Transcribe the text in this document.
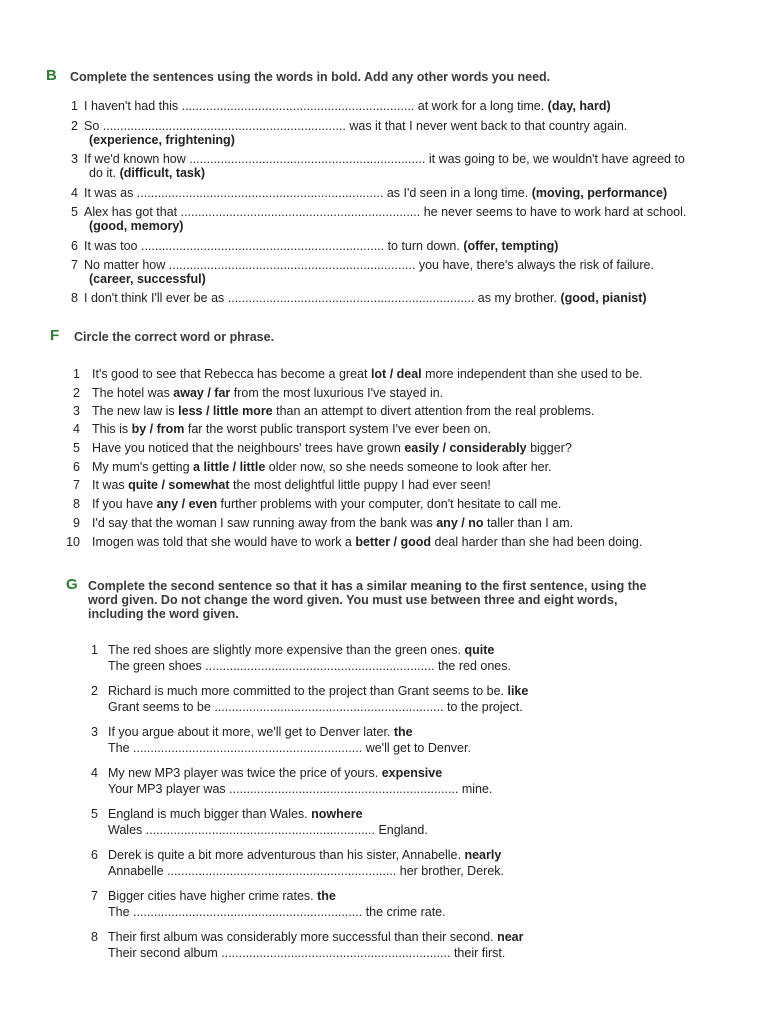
B	Complete the sentences using the words in bold. Add any other words you need.
1 I haven't had this ................................................................... at work for a long time. (day, hard)
2 So ...................................................................... was it that I never went back to that country again.
(experience, frightening)
3 If we'd known how .................................................................... it was going to be, we wouldn't have agreed to
do it. (difficult, task)
4 It was as ....................................................................... as I'd seen in a long time. (moving, performance)
5 Alex has got that ..................................................................... he never seems to have to work hard at school.
(good, memory)
6 It was too ...................................................................... to turn down. (offer, tempting)
7 No matter how ....................................................................... you have, there's always the risk of failure.
(career, successful)
8 I don't think I'll ever be as ....................................................................... as my brother. (good, pianist)
F	Circle the correct word or phrase.
1 It's good to see that Rebecca has become a great lot / deal more independent than she used to be.
2 The hotel was away / far from the most luxurious I've stayed in.
3 The new law is less / little more than an attempt to divert attention from the real problems.
4 This is by / from far the worst public transport system I've ever been on.
5 Have you noticed that the neighbours' trees have grown easily / considerably bigger?
6 My mum's getting a little / little older now, so she needs someone to look after her.
7 It was quite / somewhat the most delightful little puppy I had ever seen!
8 If you have any / even further problems with your computer, don't hesitate to call me.
9 I'd say that the woman I saw running away from the bank was any / no taller than I am.
10 Imogen was told that she would have to work a better / good deal harder than she had been doing.
G Complete the second sentence so that it has a similar meaning to the first sentence, using the
word given. Do not change the word given. You must use between three and eight words,
including the word given.
1 The red shoes are slightly more expensive than the green ones. quite
The green shoes .................................................................. the red ones.
2 Richard is much more committed to the project than Grant seems to be. like
Grant seems to be .................................................................. to the project.
3 If you argue about it more, we'll get to Denver later. the
The .................................................................. we'll get to Denver.
4 My new MP3 player was twice the price of yours. expensive
Your MP3 player was .................................................................. mine.
5 England is much bigger than Wales. nowhere
Wales .................................................................. England.
6 Derek is quite a bit more adventurous than his sister, Annabelle. nearly
Annabelle .................................................................. her brother, Derek.
7 Bigger cities have higher crime rates. the
The .................................................................. the crime rate.
8 Their first album was considerably more successful than their second. near
Their second album .................................................................. their first.
